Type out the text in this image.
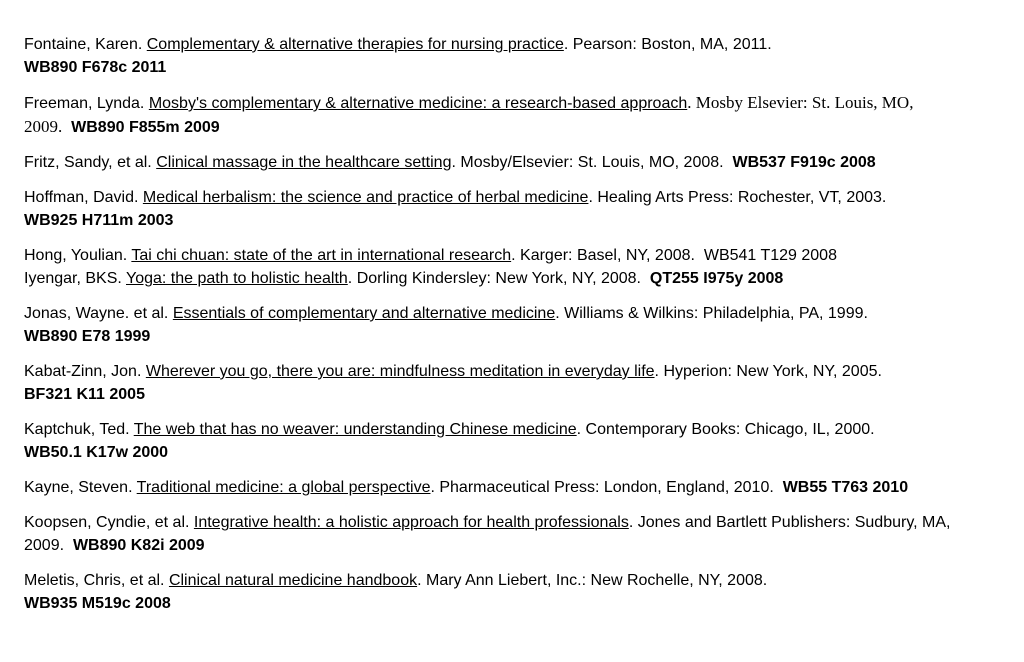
Fontaine, Karen. Complementary & alternative therapies for nursing practice. Pearson: Boston, MA, 2011.
WB890 F678c 2011

Freeman, Lynda. Mosby's complementary & alternative medicine: a research-based approach. Mosby Elsevier: St. Louis, MO, 2009. WB890 F855m 2009

Fritz, Sandy, et al. Clinical massage in the healthcare setting. Mosby/Elsevier: St. Louis, MO, 2008. WB537 F919c 2008

Hoffman, David. Medical herbalism: the science and practice of herbal medicine. Healing Arts Press: Rochester, VT, 2003.
WB925 H711m 2003

Hong, Youlian. Tai chi chuan: state of the art in international research. Karger: Basel, NY, 2008. WB541 T129 2008

Iyengar, BKS. Yoga: the path to holistic health. Dorling Kindersley: New York, NY, 2008. QT255 I975y 2008

Jonas, Wayne. et al. Essentials of complementary and alternative medicine. Williams & Wilkins: Philadelphia, PA, 1999.
WB890 E78 1999

Kabat-Zinn, Jon. Wherever you go, there you are: mindfulness meditation in everyday life. Hyperion: New York, NY, 2005.
BF321 K11 2005

Kaptchuk, Ted. The web that has no weaver: understanding Chinese medicine. Contemporary Books: Chicago, IL, 2000.
WB50.1 K17w 2000

Kayne, Steven. Traditional medicine: a global perspective. Pharmaceutical Press: London, England, 2010. WB55 T763 2010

Koopsen, Cyndie, et al. Integrative health: a holistic approach for health professionals. Jones and Bartlett Publishers: Sudbury, MA, 2009. WB890 K82i 2009

Meletis, Chris, et al. Clinical natural medicine handbook. Mary Ann Liebert, Inc.: New Rochelle, NY, 2008.
WB935 M519c 2008
